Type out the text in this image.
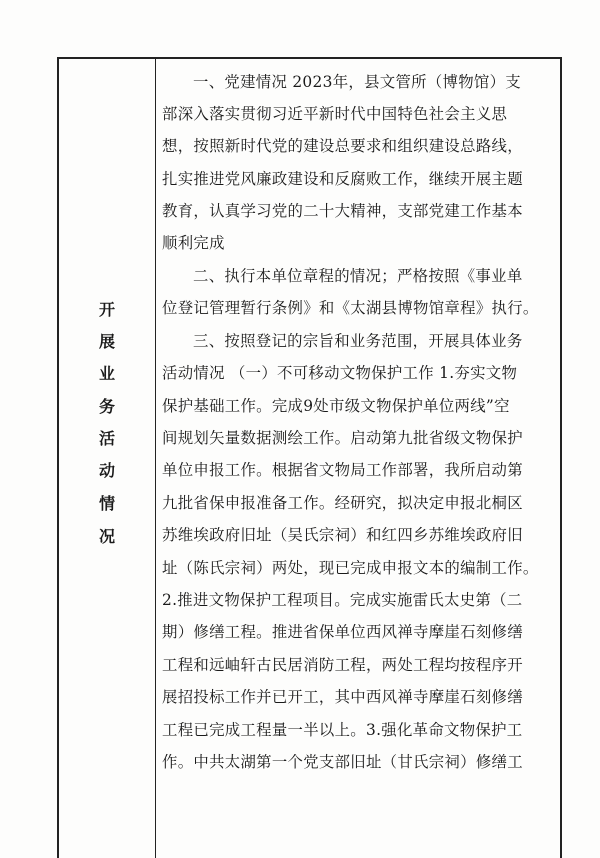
开
展
业
务
活
动
情
况
一、党建情况 2023年，县文管所（博物馆）支
部深入落实贯彻习近平新时代中国特色社会主义思
想，按照新时代党的建设总要求和组织建设总路线，
扎实推进党风廉政建设和反腐败工作，继续开展主题
教育，认真学习党的二十大精神，支部党建工作基本
顺利完成
二、执行本单位章程的情况；严格按照《事业单
位登记管理暂行条例》和《太湖县博物馆章程》执行。
三、按照登记的宗旨和业务范围，开展具体业务
活动情况 （一）不可移动文物保护工作 1.夯实文物
保护基础工作。完成9处市级文物保护单位两线”空
间规划矢量数据测绘工作。启动第九批省级文物保护
单位申报工作。根据省文物局工作部署，我所启动第
九批省保申报准备工作。经研究，拟决定申报北桐区
苏维埃政府旧址（吴氏宗祠）和红四乡苏维埃政府旧
址（陈氏宗祠）两处，现已完成申报文本的编制工作。
2.推进文物保护工程项目。完成实施雷氏太史第（二
期）修缮工程。推进省保单位西风禅寺摩崖石刻修缮
工程和远岫轩古民居消防工程，两处工程均按程序开
展招投标工作并已开工，其中西风禅寺摩崖石刻修缮
工程已完成工程量一半以上。3.强化革命文物保护工
作。中共太湖第一个党支部旧址（甘氏宗祠）修缮工
